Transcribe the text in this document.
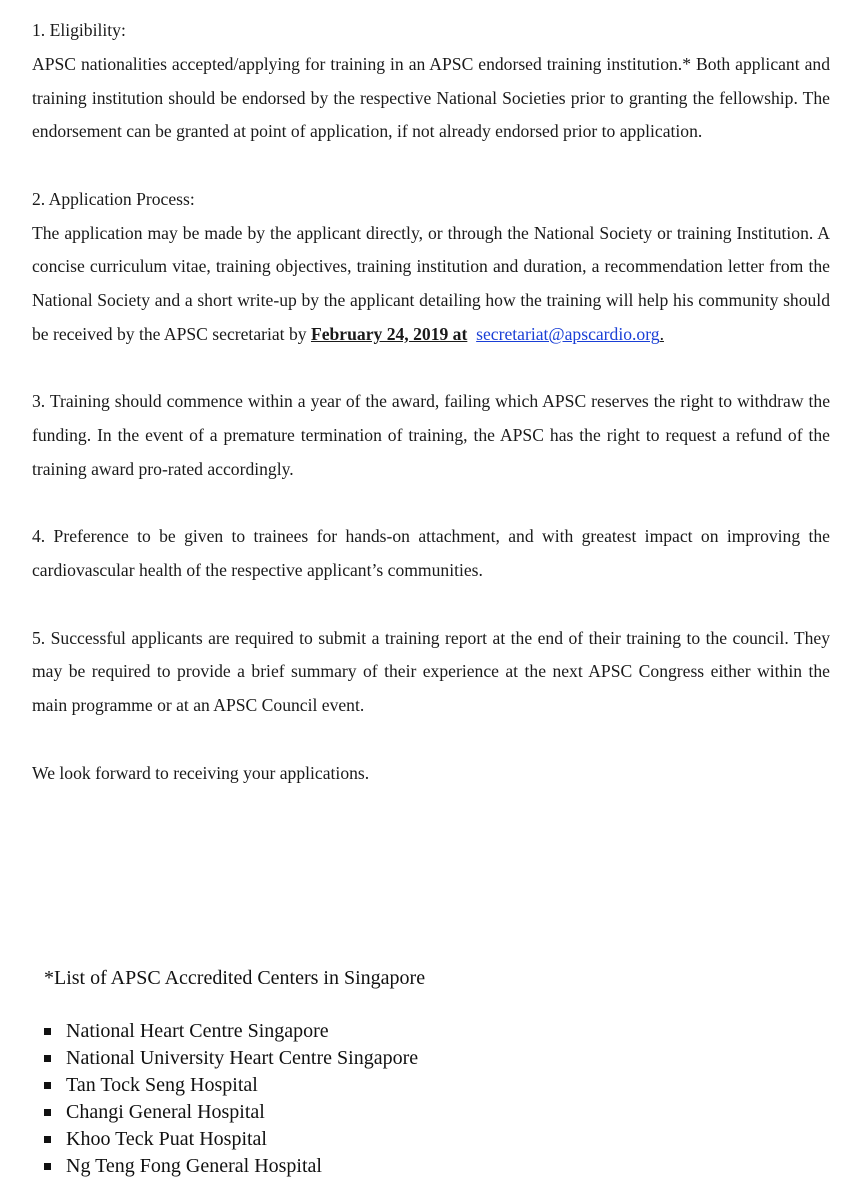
1. Eligibility:
APSC nationalities accepted/applying for training in an APSC endorsed training institution.* Both applicant and training institution should be endorsed by the respective National Societies prior to granting the fellowship. The endorsement can be granted at point of application, if not already endorsed prior to application.

2. Application Process:
The application may be made by the applicant directly, or through the National Society or training Institution. A concise curriculum vitae, training objectives, training institution and duration, a recommendation letter from the National Society and a short write-up by the applicant detailing how the training will help his community should be received by the APSC secretariat by February 24, 2019 at secretariat@apscardio.org.

3. Training should commence within a year of the award, failing which APSC reserves the right to withdraw the funding. In the event of a premature termination of training, the APSC has the right to request a refund of the training award pro-rated accordingly.

4. Preference to be given to trainees for hands-on attachment, and with greatest impact on improving the cardiovascular health of the respective applicant’s communities.

5. Successful applicants are required to submit a training report at the end of their training to the council. They may be required to provide a brief summary of their experience at the next APSC Congress either within the main programme or at an APSC Council event.

We look forward to receiving your applications.

*List of APSC Accredited Centers in Singapore

National Heart Centre Singapore
National University Heart Centre Singapore
Tan Tock Seng Hospital
Changi General Hospital
Khoo Teck Puat Hospital
Ng Teng Fong General Hospital
